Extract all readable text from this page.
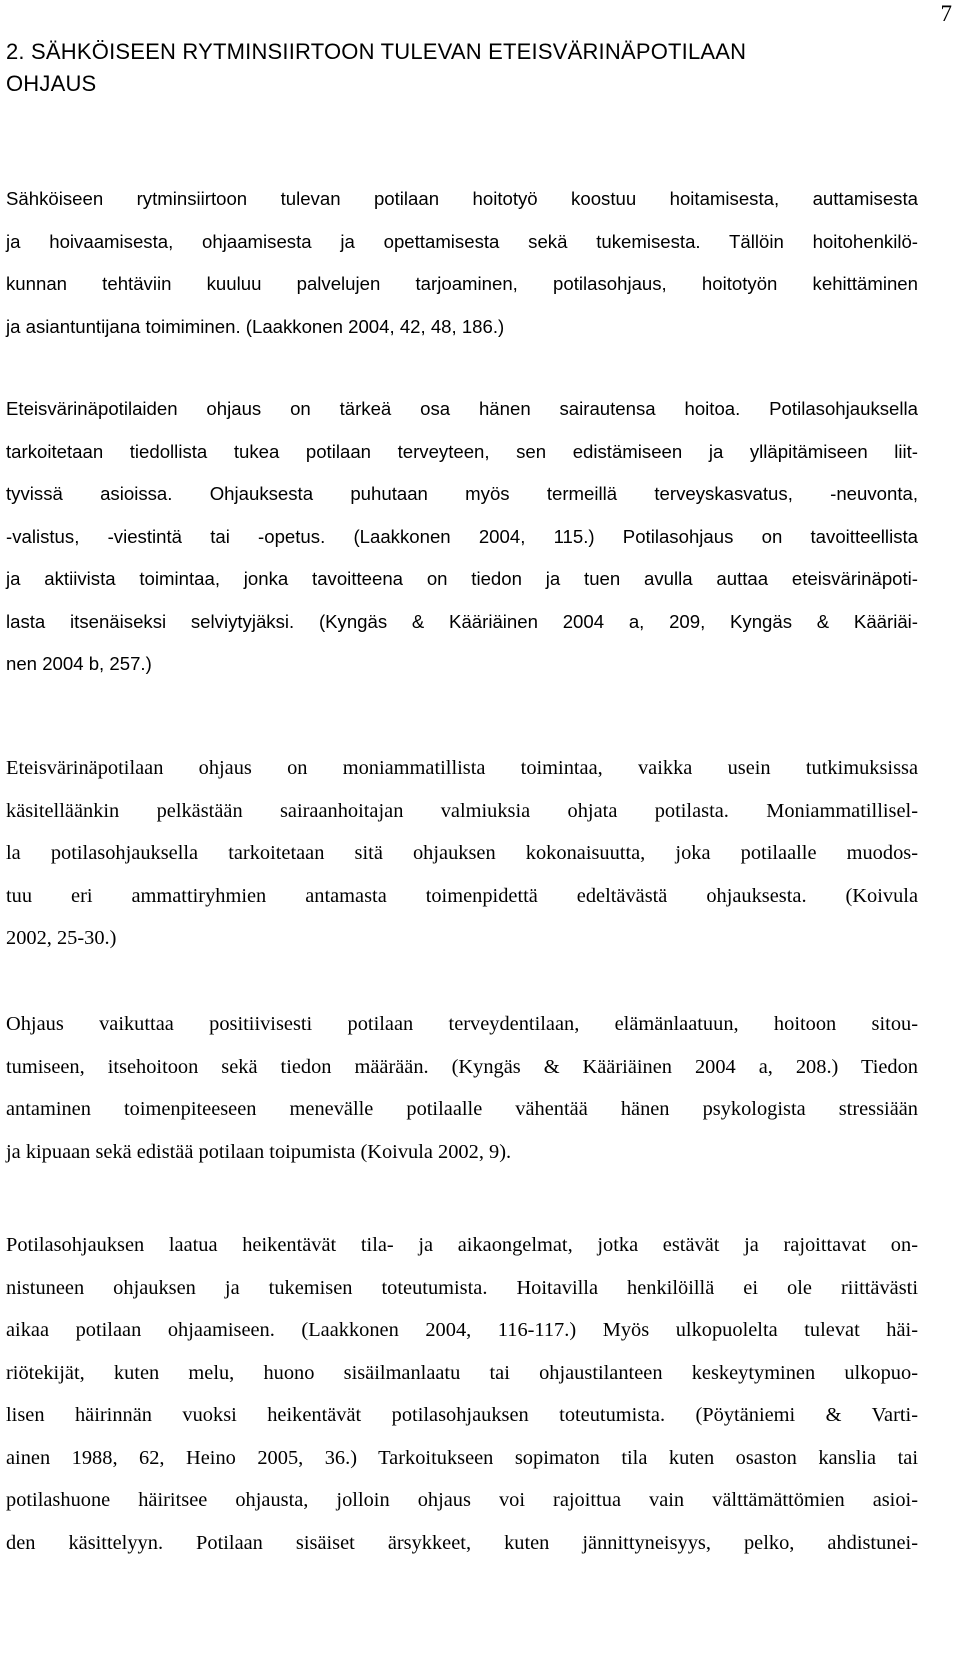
7
2. SÄHKÖISEEN RYTMINSIIRTOON TULEVAN ETEISVÄRINÄPOTILAAN
OHJAUS
Sähköiseen rytminsiirtoon tulevan potilaan hoitotyö koostuu hoitamisesta, auttamisesta
ja hoivaamisesta, ohjaamisesta ja opettamisesta sekä tukemisesta. Tällöin hoitohenkilö-
kunnan tehtäviin kuuluu palvelujen tarjoaminen, potilasohjaus, hoitotyön kehittäminen
ja asiantuntijana toimiminen. (Laakkonen 2004, 42, 48, 186.)
Eteisvärinäpotilaiden ohjaus on tärkeä osa hänen sairautensa hoitoa. Potilasohjauksella
tarkoitetaan tiedollista tukea potilaan terveyteen, sen edistämiseen ja ylläpitämiseen liit-
tyvissä asioissa. Ohjauksesta puhutaan myös termeillä terveyskasvatus, -neuvonta,
-valistus, -viestintä tai -opetus. (Laakkonen 2004, 115.) Potilasohjaus on tavoitteellista
ja aktiivista toimintaa, jonka tavoitteena on tiedon ja tuen avulla auttaa eteisvärinäpoti-
lasta itsenäiseksi selviytyjäksi. (Kyngäs & Kääriäinen 2004 a, 209, Kyngäs & Kääriäi-
nen 2004 b, 257.)
Eteisvärinäpotilaan ohjaus on moniammatillista toimintaa, vaikka usein tutkimuksissa
käsitelläänkin pelkästään sairaanhoitajan valmiuksia ohjata potilasta. Moniammatillisel-
la potilasohjauksella tarkoitetaan sitä ohjauksen kokonaisuutta, joka potilaalle muodos-
tuu eri ammattiryhmien antamasta toimenpidettä edeltävästä ohjauksesta. (Koivula
2002, 25-30.)
Ohjaus vaikuttaa positiivisesti potilaan terveydentilaan, elämänlaatuun, hoitoon sitou-
tumiseen, itsehoitoon sekä tiedon määrään. (Kyngäs & Kääriäinen 2004 a, 208.) Tiedon
antaminen toimenpiteeseen menevälle potilaalle vähentää hänen psykologista stressiään
ja kipuaan sekä edistää potilaan toipumista (Koivula 2002, 9).
Potilasohjauksen laatua heikentävät tila- ja aikaongelmat, jotka estävät ja rajoittavat on-
nistuneen ohjauksen ja tukemisen toteutumista. Hoitavilla henkilöillä ei ole riittävästi
aikaa potilaan ohjaamiseen. (Laakkonen 2004, 116-117.) Myös ulkopuolelta tulevat häi-
riötekijät, kuten melu, huono sisäilmanlaatu tai ohjaustilanteen keskeytyminen ulkopuo-
lisen häirinnän vuoksi heikentävät potilasohjauksen toteutumista. (Pöytäniemi & Varti-
ainen 1988, 62, Heino 2005, 36.) Tarkoitukseen sopimaton tila kuten osaston kanslia tai
potilashuone häiritsee ohjausta, jolloin ohjaus voi rajoittua vain välttämättömien asioi-
den käsittelyyn. Potilaan sisäiset ärsykkeet, kuten jännittyneisyys, pelko, ahdistunei-
